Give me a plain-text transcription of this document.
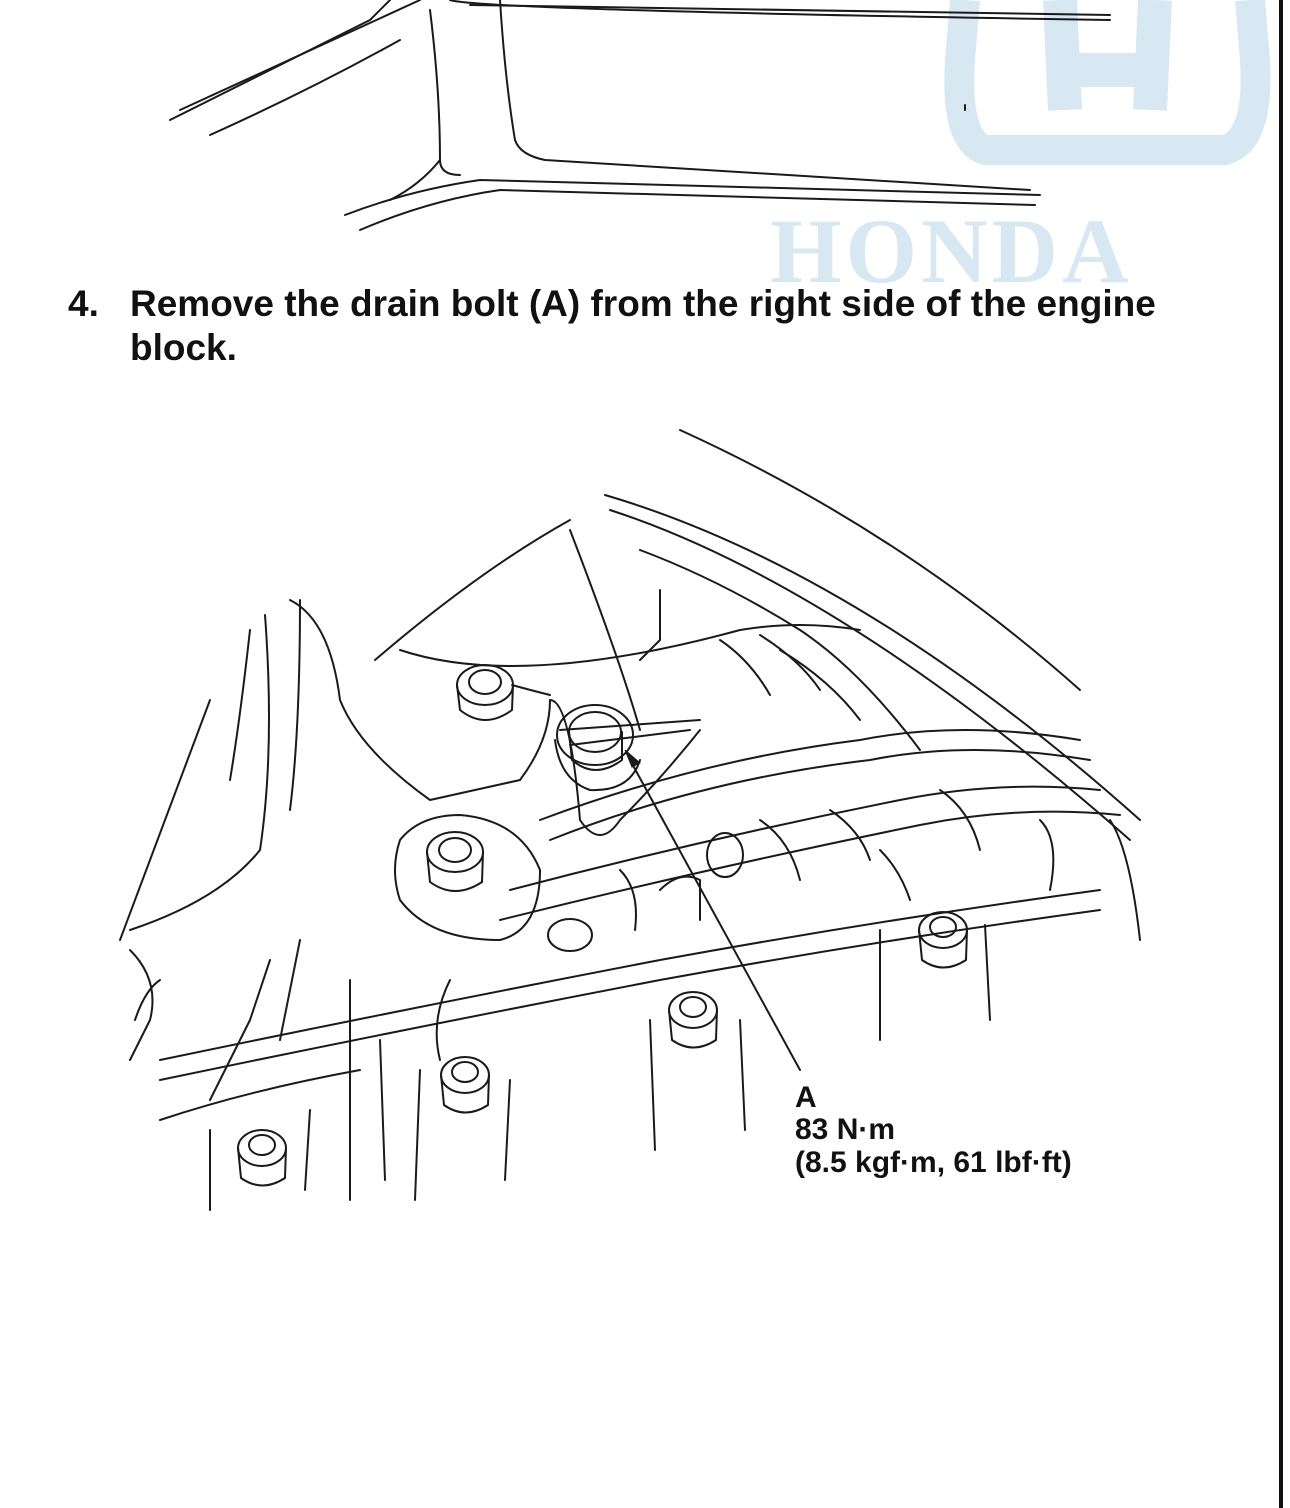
HONDA
4. Remove the drain bolt (A) from the right side of the engine block.
A
83 N·m
(8.5 kgf·m, 61 lbf·ft)
